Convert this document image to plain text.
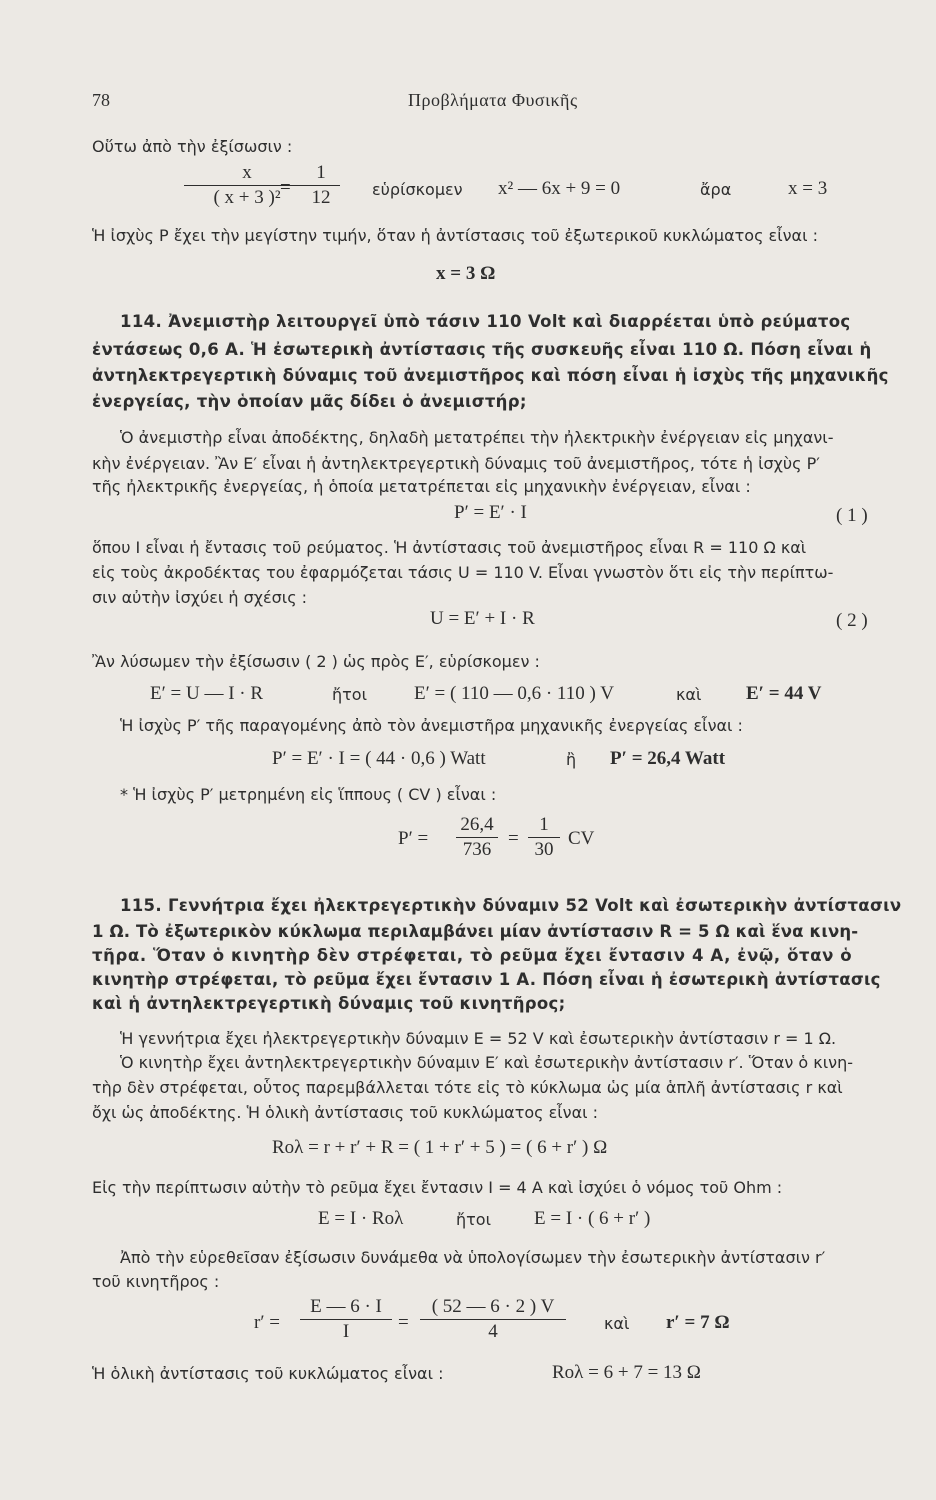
78	Προβλήματα Φυσικῆς
Οὕτω ἀπὸ τὴν ἐξίσωσιν :
$\frac{x}{\text{( x + 3 )²}}$
= $\frac{1}{12}$ εὑρίσκομεν x² — 6x + 9 = 0	ἄρα	x = 3
Ἡ ἰσχὺς P ἔχει τὴν μεγίστην τιμήν, ὅταν ἡ ἀντίστασις τοῦ ἐξωτερικοῦ κυκλώματος εἶναι :
x = 3 Ω
114. Ἀνεμιστὴρ λειτουργεῖ ὑπὸ τάσιν 110 Volt καὶ διαρρέεται ὑπὸ ρεύματος
ἐντάσεως 0,6 A. Ἡ ἐσωτερικὴ ἀντίστασις τῆς συσκευῆς εἶναι 110 Ω. Πόση εἶναι ἡ
ἀντηλεκτρεγερτικὴ δύναμις τοῦ ἀνεμιστῆρος καὶ πόση εἶναι ἡ ἰσχὺς τῆς μηχανικῆς
ἐνεργείας, τὴν ὁποίαν μᾶς δίδει ὁ ἀνεμιστήρ;
Ὁ ἀνεμιστὴρ εἶναι ἀποδέκτης, δηλαδὴ μετατρέπει τὴν ἠλεκτρικὴν ἐνέργειαν εἰς μηχανι-
κὴν ἐνέργειαν. Ἂν E′ εἶναι ἡ ἀντηλεκτρεγερτικὴ δύναμις τοῦ ἀνεμιστῆρος, τότε ἡ ἰσχὺς P′
τῆς ἠλεκτρικῆς ἐνεργείας, ἡ ὁποία μετατρέπεται εἰς μηχανικὴν ἐνέργειαν, εἶναι :
P′ = E′ · I	( 1 )
ὅπου I εἶναι ἡ ἔντασις τοῦ ρεύματος. Ἡ ἀντίστασις τοῦ ἀνεμιστῆρος εἶναι R = 110 Ω καὶ
εἰς τοὺς ἀκροδέκτας του ἐφαρμόζεται τάσις U = 110 V. Εἶναι γνωστὸν ὅτι εἰς τὴν περίπτω-
σιν αὐτὴν ἰσχύει ἡ σχέσις :
U = E′ + I · R	( 2 )
Ἂν λύσωμεν τὴν ἐξίσωσιν ( 2 ) ὡς πρὸς E′, εὑρίσκομεν :
E′ = U — I · R	ἤτοι E′ = ( 110 — 0,6 · 110 ) V	καὶ E′ = 44 V
Ἡ ἰσχὺς P′ τῆς παραγομένης ἀπὸ τὸν ἀνεμιστῆρα μηχανικῆς ἐνεργείας εἶναι :
P′ = E′ · I = ( 44 · 0,6 ) Watt	ἢ P′ = 26,4 Watt
* Ἡ ἰσχὺς P′ μετρημένη εἰς ἵππους ( CV ) εἶναι :
$P' = \frac{26,4}{736} = \frac{1}{30}$ CV
115. Γεννήτρια ἔχει ἠλεκτρεγερτικὴν δύναμιν 52 Volt καὶ ἐσωτερικὴν ἀντίστασιν
1 Ω. Τὸ ἐξωτερικὸν κύκλωμα περιλαμβάνει μίαν ἀντίστασιν R = 5 Ω καὶ ἕνα κινη-
τῆρα. Ὅταν ὁ κινητὴρ δὲν στρέφεται, τὸ ρεῦμα ἔχει ἔντασιν 4 A, ἐνῷ, ὅταν ὁ
κινητὴρ στρέφεται, τὸ ρεῦμα ἔχει ἔντασιν 1 A. Πόση εἶναι ἡ ἐσωτερικὴ ἀντίστασις
καὶ ἡ ἀντηλεκτρεγερτικὴ δύναμις τοῦ κινητῆρος;
Ἡ γεννήτρια ἔχει ἠλεκτρεγερτικὴν δύναμιν E = 52 V καὶ ἐσωτερικὴν ἀντίστασιν r = 1 Ω.
Ὁ κινητὴρ ἔχει ἀντηλεκτρεγερτικὴν δύναμιν E′ καὶ ἐσωτερικὴν ἀντίστασιν r′. Ὅταν ὁ κινη-
τὴρ δὲν στρέφεται, οὗτος παρεμβάλλεται τότε εἰς τὸ κύκλωμα ὡς μία ἁπλῆ ἀντίστασις r καὶ
ὄχι ὡς ἀποδέκτης. Ἡ ὁλικὴ ἀντίστασις τοῦ κυκλώματος εἶναι :
Rολ = r + r′ + R = ( 1 + r′ + 5 ) = ( 6 + r′ ) Ω
Εἰς τὴν περίπτωσιν αὐτὴν τὸ ρεῦμα ἔχει ἔντασιν I = 4 A καὶ ἰσχύει ὁ νόμος τοῦ Ohm :
E = I · Rολ	ἤτοι E = I · ( 6 + r′ )
Ἀπὸ τὴν εὑρεθεῖσαν ἐξίσωσιν δυνάμεθα νὰ ὑπολογίσωμεν τὴν ἐσωτερικὴν ἀντίστασιν r′
τοῦ κινητῆρος :
$r' = \frac{E — 6 \cdot I}{I} = \frac{( 52 — 6 \cdot 2 ) V}{4}$ καὶ r′ = 7 Ω
Ἡ ὁλικὴ ἀντίστασις τοῦ κυκλώματος εἶναι :	Rολ = 6 + 7 = 13 Ω
